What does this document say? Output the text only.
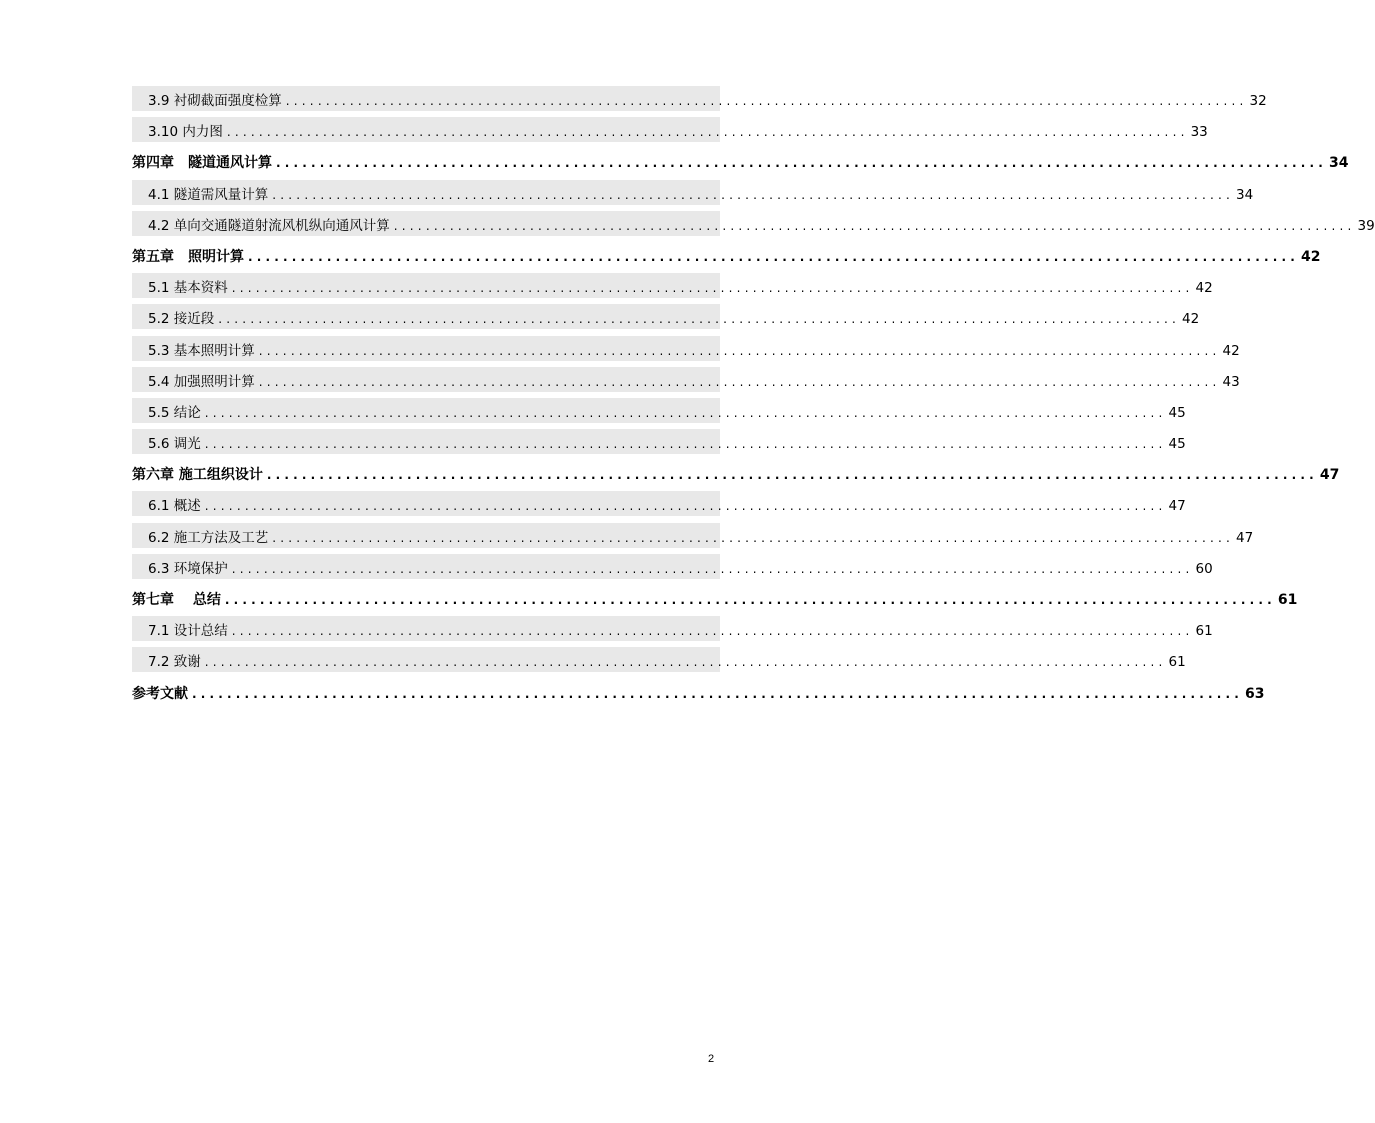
3.9 衬砌截面强度检算 ........................................................................................................................ 32
3.10 内力图 ........................................................................................................................ 33
第四章　隧道通风计算 ........................................................................................................................ 34
4.1 隧道需风量计算 ........................................................................................................................ 34
4.2 单向交通隧道射流风机纵向通风计算 ........................................................................................................................ 39
第五章　照明计算 ........................................................................................................................ 42
5.1 基本资料 ........................................................................................................................ 42
5.2 接近段 ........................................................................................................................ 42
5.3 基本照明计算 ........................................................................................................................ 42
5.4 加强照明计算 ........................................................................................................................ 43
5.5 结论 ........................................................................................................................ 45
5.6 调光 ........................................................................................................................ 45
第六章 施工组织设计 ........................................................................................................................ 47
6.1 概述 ........................................................................................................................ 47
6.2 施工方法及工艺 ........................................................................................................................ 47
6.3 环境保护 ........................................................................................................................ 60
第七章　 总结 ........................................................................................................................ 61
7.1 设计总结 ........................................................................................................................ 61
7.2 致谢 ........................................................................................................................ 61
参考文献 ........................................................................................................................ 63
2
